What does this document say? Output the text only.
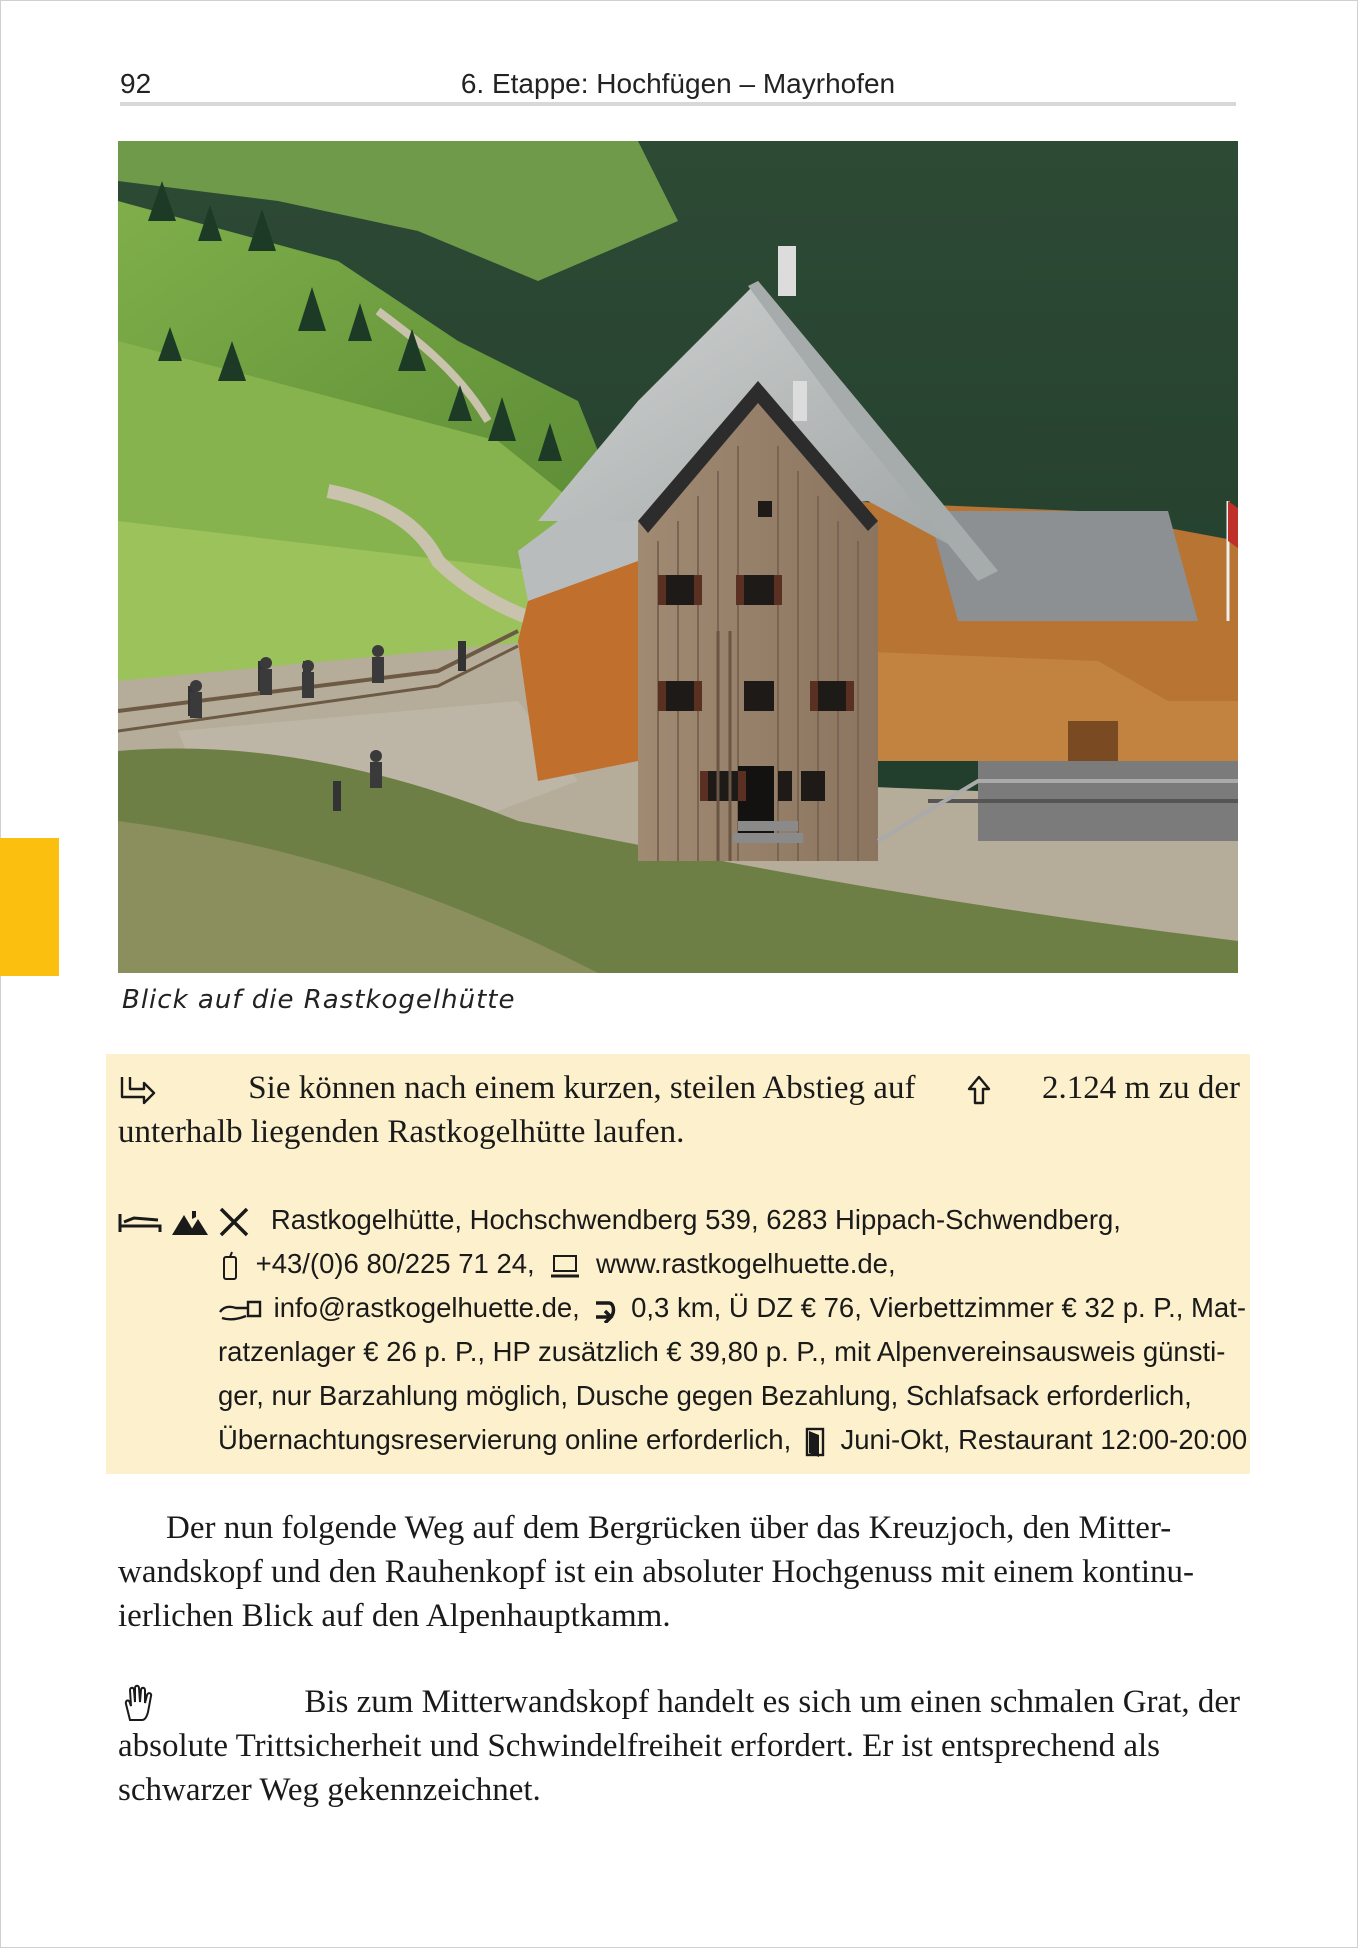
92	6. Etappe: Hochfügen – Mayrhofen
Blick auf die Rastkogelhütte
Sie können nach einem kurzen, steilen Abstieg auf	2.124 m zu der
unterhalb liegenden Rastkogelhütte laufen.
Rastkogelhütte, Hochschwendberg 539, 6283 Hippach-Schwendberg,
+43/(0)6 80/225 71 24, www.rastkogelhuette.de,
info@rastkogelhuette.de, 0,3 km, Ü DZ € 76, Vierbettzimmer € 32 p. P., Mat-
ratzenlager € 26 p. P., HP zusätzlich € 39,80 p. P., mit Alpenvereinsausweis günsti-
ger, nur Barzahlung möglich, Dusche gegen Bezahlung, Schlafsack erforderlich,
Übernachtungsreservierung online erforderlich, Juni-Okt, Restaurant 12:00-20:00
Der nun folgende Weg auf dem Bergrücken über das Kreuzjoch, den Mitter-
wandskopf und den Rauhenkopf ist ein absoluter Hochgenuss mit einem kontinu-
ierlichen Blick auf den Alpenhauptkamm.
Bis zum Mitterwandskopf handelt es sich um einen schmalen Grat, der
absolute Trittsicherheit und Schwindelfreiheit erfordert. Er ist entsprechend als
schwarzer Weg gekennzeichnet.
